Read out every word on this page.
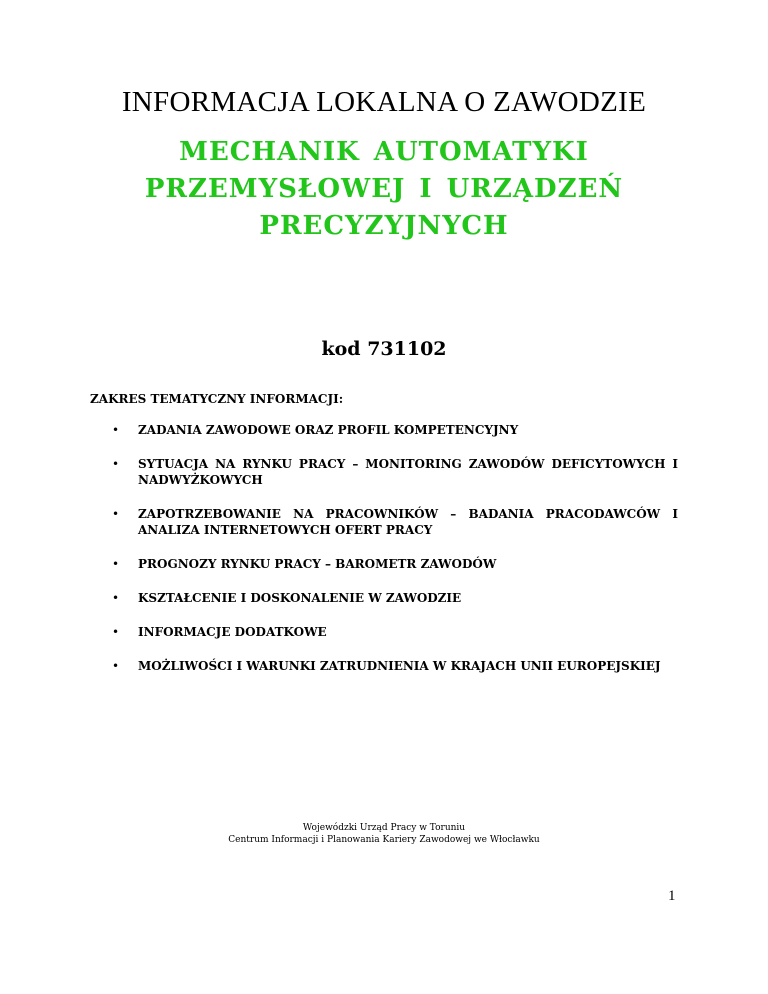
INFORMACJA LOKALNA O ZAWODZIE
MECHANIK AUTOMATYKI PRZEMYSŁOWEJ I URZĄDZEŃ PRECYZYJNYCH

kod 731102

ZAKRES TEMATYCZNY INFORMACJI:

• ZADANIA ZAWODOWE ORAZ PROFIL KOMPETENCYJNY
• SYTUACJA NA RYNKU PRACY – MONITORING ZAWODÓW DEFICYTOWYCH I NADWYŻKOWYCH
• ZAPOTRZEBOWANIE NA PRACOWNIKÓW – BADANIA PRACODAWCÓW I ANALIZA INTERNETOWYCH OFERT PRACY
• PROGNOZY RYNKU PRACY – BAROMETR ZAWODÓW
• KSZTAŁCENIE I DOSKONALENIE W ZAWODZIE
• INFORMACJE DODATKOWE
• MOŻLIWOŚCI I WARUNKI ZATRUDNIENIA W KRAJACH UNII EUROPEJSKIEJ
Wojewódzki Urząd Pracy w Toruniu
Centrum Informacji i Planowania Kariery Zawodowej we Włocławku
1
